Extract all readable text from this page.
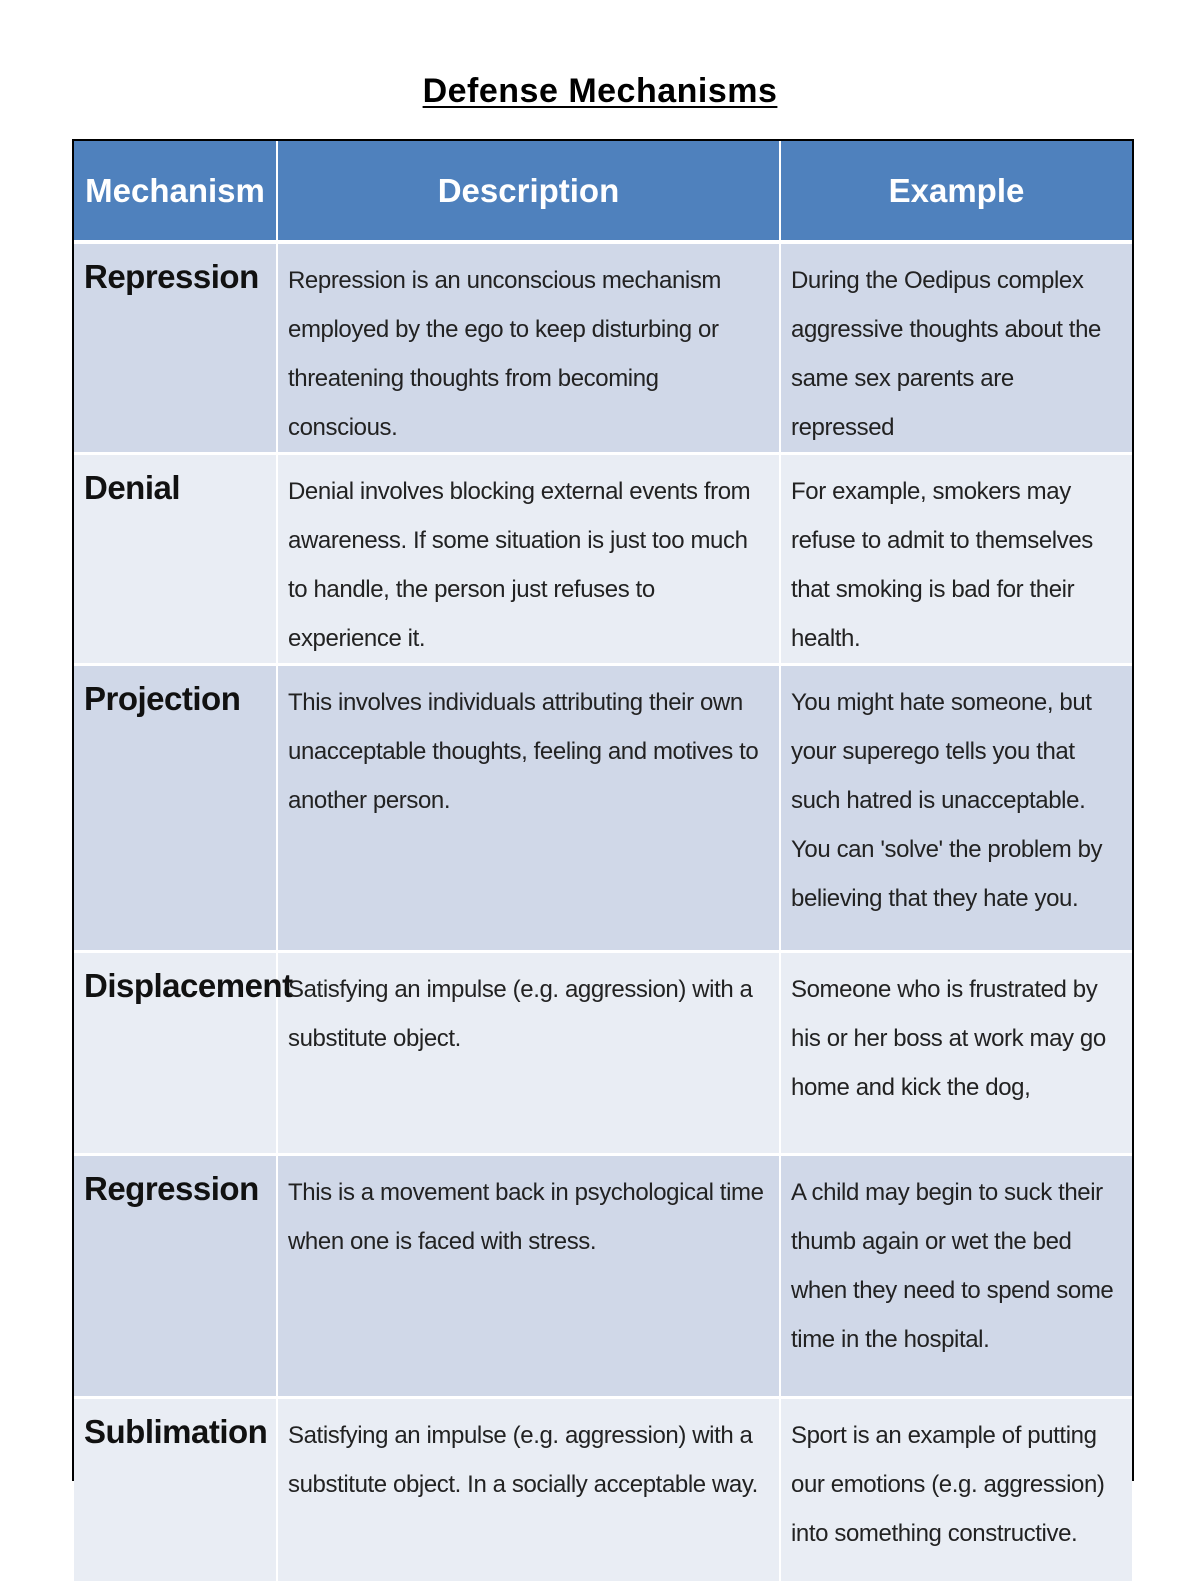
Defense Mechanisms
Mechanism	Description	Example
Repression	Repression is an unconscious mechanism employed by the ego to keep disturbing or threatening thoughts from becoming conscious.	During the Oedipus complex aggressive thoughts about the same sex parents are repressed
Denial	Denial involves blocking external events from awareness. If some situation is just too much to handle, the person just refuses to experience it.	For example, smokers may refuse to admit to themselves that smoking is bad for their health.
Projection	This involves individuals attributing their own unacceptable thoughts, feeling and motives to another person.	You might hate someone, but your superego tells you that such hatred is unacceptable. You can 'solve' the problem by believing that they hate you.
Displacement	Satisfying an impulse (e.g. aggression) with a substitute object.	Someone who is frustrated by his or her boss at work may go home and kick the dog,
Regression	This is a movement back in psychological time when one is faced with stress.	A child may begin to suck their thumb again or wet the bed when they need to spend some time in the hospital.
Sublimation	Satisfying an impulse (e.g. aggression) with a substitute object. In a socially acceptable way.	Sport is an example of putting our emotions (e.g. aggression) into something constructive.
